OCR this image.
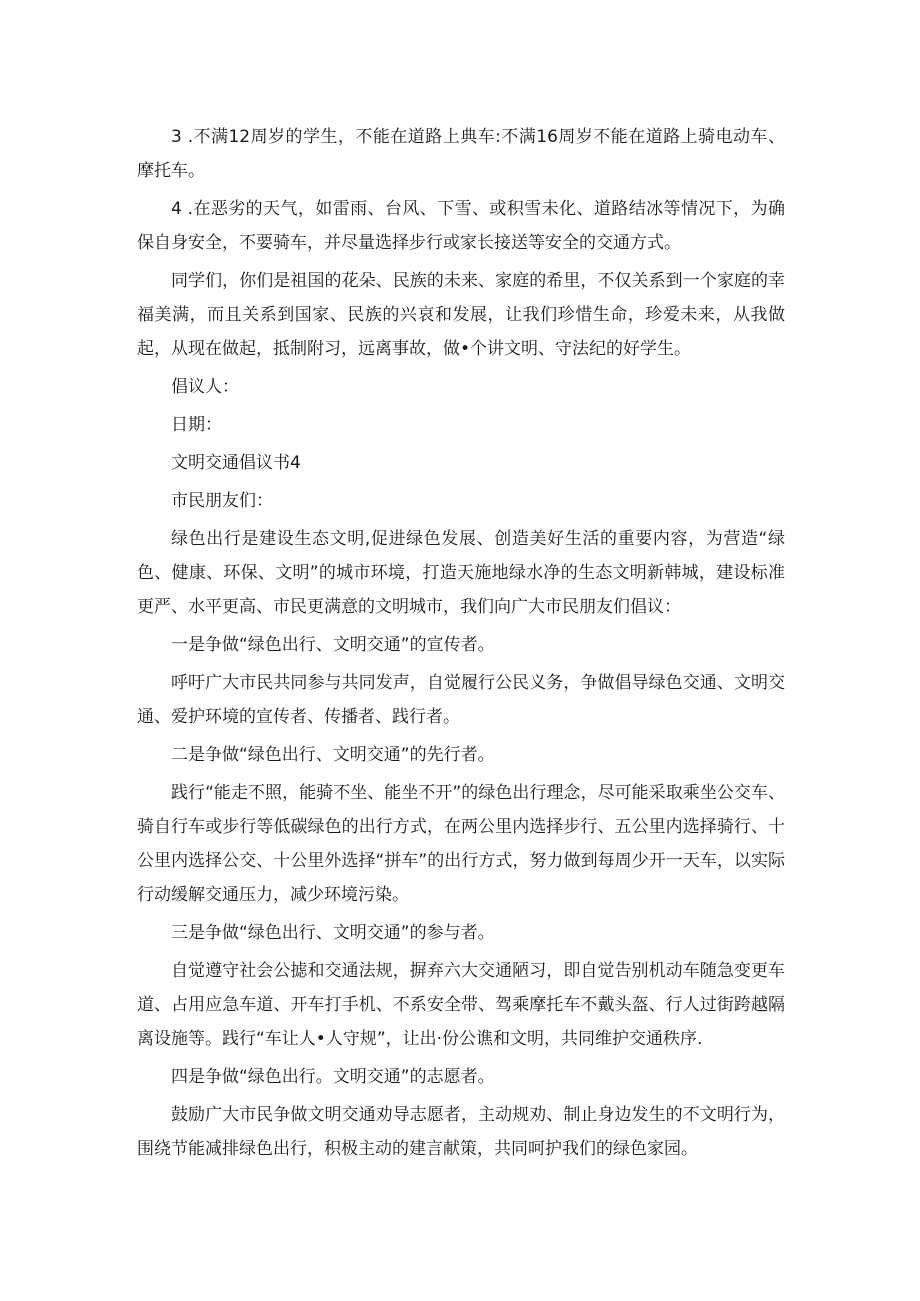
3 .不满12周岁的学生，不能在道路上典车:不满16周岁不能在道路上骑电动车、摩托车。

4 .在恶劣的天气，如雷雨、台风、下雪、或积雪未化、道路结冰等情况下，为确保自身安全，不要骑车，并尽量选择步行或家长接送等安全的交通方式。

同学们，你们是祖国的花朵、民族的未来、家庭的希里，不仅关系到一个家庭的幸福美满，而且关系到国家、民族的兴哀和发展，让我们珍惜生命，珍爱未来，从我做起，从现在做起，抵制附习，远离事故，做•个讲文明、守法纪的好学生。

倡议人：

日期：

文明交通倡议书4

市民朋友们：

绿色出行是建设生态文明,促进绿色发展、创造美好生活的重要内容，为营造“绿色、健康、环保、文明”的城市环境，打造天施地绿水净的生态文明新韩城，建设标准更严、水平更高、市民更满意的文明城市，我们向广大市民朋友们倡议：

一是争做“绿色出行、文明交通”的宣传者。

呼吁广大市民共同参与共同发声，自觉履行公民义务，争做倡导绿色交通、文明交通、爱护环境的宣传者、传播者、践行者。

二是争做“绿色出行、文明交通”的先行者。

践行“能走不照，能骑不坐、能坐不开”的绿色出行理念，尽可能采取乘坐公交车、骑自行车或步行等低碳绿色的出行方式，在两公里内选择步行、五公里内选择骑行、十公里内选择公交、十公里外选择“拼车”的出行方式，努力做到每周少开一天车，以实际行动缓解交通压力，减少环境污染。

三是争做“绿色出行、文明交通”的参与者。

自觉遵守社会公摅和交通法规，摒弃六大交通陋习，即自觉告别机动车随急变更车道、占用应急车道、开车打手机、不系安全带、驾乘摩托车不戴头盔、行人过街跨越隔离设施等。践行“车让人•人守规”，让出·份公谯和文明，共同维护交通秩序.

四是争做“绿色出行。文明交通”的志愿者。

鼓励广大市民争做文明交通劝导志愿者，主动规劝、制止身边发生的不文明行为，围绕节能减排绿色出行，积极主动的建言献策，共同呵护我们的绿色家园。
